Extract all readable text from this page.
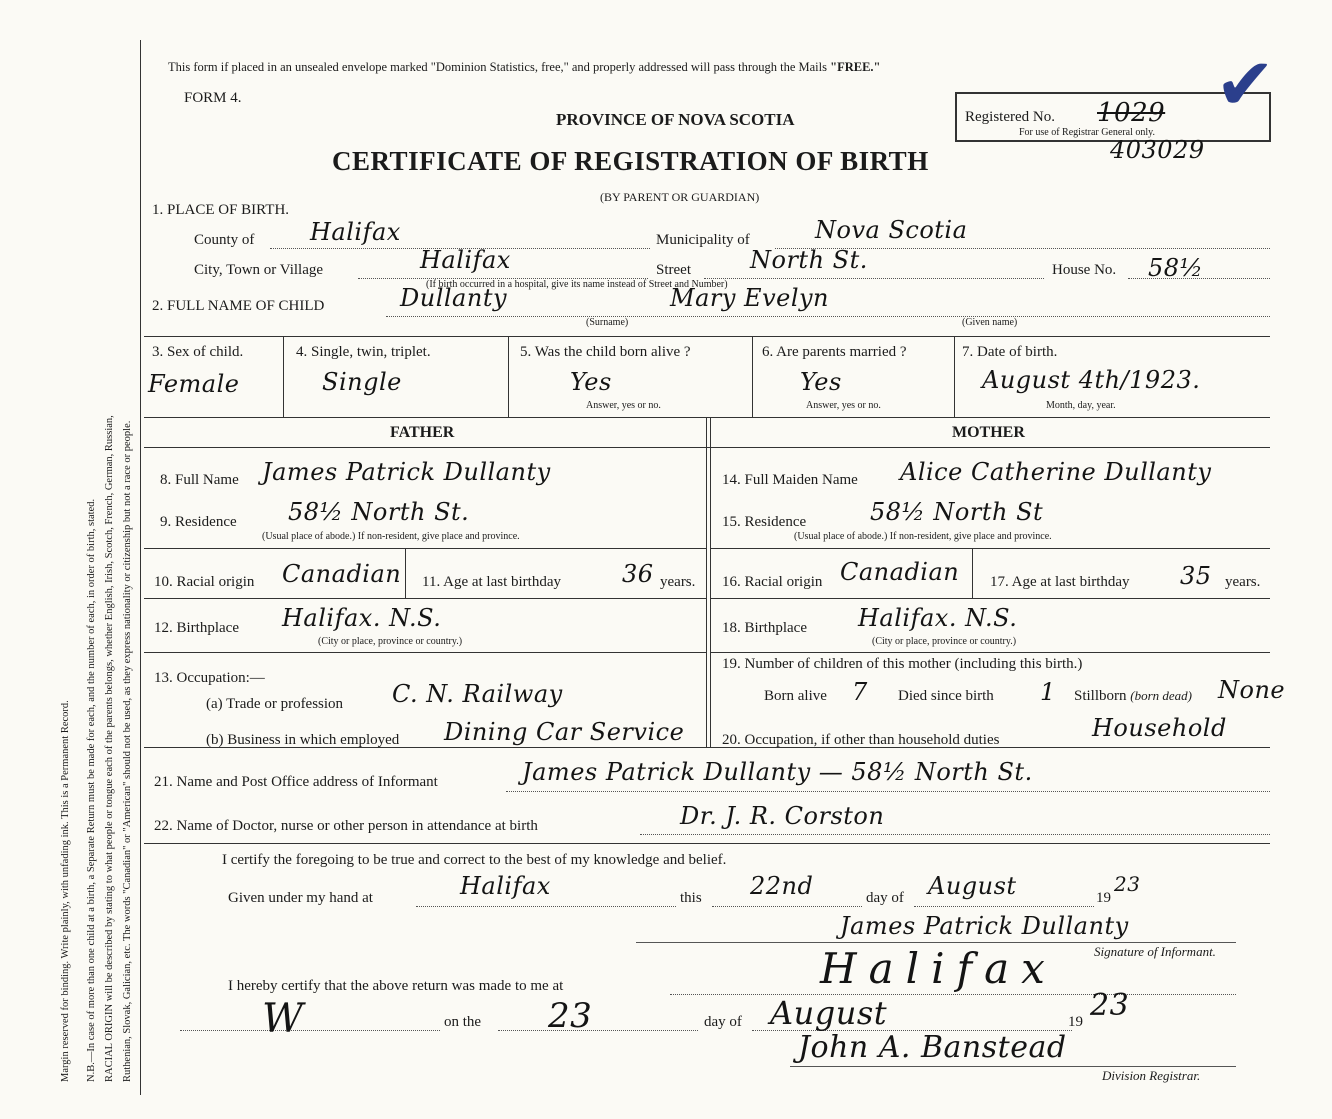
Margin reserved for binding. Write plainly, with unfading ink. This is a Permanent Record. N.B.—In case of more than one child at a birth, a Separate Return must be made for each, and the number of each, in order of birth, stated. RACIAL ORIGIN will be described by stating to what people or tongue each of the parents belongs, whether English, Irish, Scotch, French, German, Russian, Ruthenian, Slovak, Galician, etc. The words "Canadian" or "American" should not be used, as they express nationality or citizenship but not a race or people.
This form if placed in an unsealed envelope marked "Dominion Statistics, free," and properly addressed will pass through the Mails "FREE."
FORM 4.
PROVINCE OF NOVA SCOTIA
CERTIFICATE OF REGISTRATION OF BIRTH
(BY PARENT OR GUARDIAN)
Registered No. 1029
For use of Registrar General only.
403029
✔
1. PLACE OF BIRTH.
County of Halifax	Municipality of	Nova Scotia
City, Town or Village	Halifax
(If birth occurred in a hospital, give its name instead of Street and Number)
Street North St.	House No. 58½
2. FULL NAME OF CHILD	Dullanty
(Surname)
Mary Evelyn
(Given name)
3. Sex of child.
Female
4. Single, twin, triplet.
Single
5. Was the child born alive ?
Yes
Answer, yes or no.
6. Are parents married ?
Yes
Answer, yes or no.
7. Date of birth.
August 4th/1923.
Month, day, year.
FATHER	MOTHER
8. Full Name James Patrick Dullanty
9. Residence 58½ North St.
(Usual place of abode.) If non-resident, give place and province.
10. Racial origin Canadian 11. Age at last birthday	36 years.
12. Birthplace Halifax. N.S.
(City or place, province or country.)
13. Occupation:—
(a) Trade or profession C. N. Railway
(b) Business in which employed Dining Car Service
14. Full Maiden Name Alice Catherine Dullanty
15. Residence	58½ North St
(Usual place of abode.) If non-resident, give place and province.
16. Racial origin Canadian 17. Age at last birthday 35 years.
18. Birthplace Halifax. N.S.
(City or place, province or country.)
19. Number of children of this mother (including this birth.)
Born alive 7 Died since birth 1 Stillborn (born dead) None
20. Occupation, if other than household duties	Household
21. Name and Post Office address of Informant	James Patrick Dullanty — 58½ North St.
22. Name of Doctor, nurse or other person in attendance at birth	Dr. J. R. Corston
I certify the foregoing to be true and correct to the best of my knowledge and belief.
Given under my hand at	Halifax	this 22nd	day of August	19
23
James Patrick Dullanty
Signature of Informant.
I hereby certify that the above return was made to me at	Halifax
W	on the 23	day of August	19 23
John A. Banstead
Division Registrar.
